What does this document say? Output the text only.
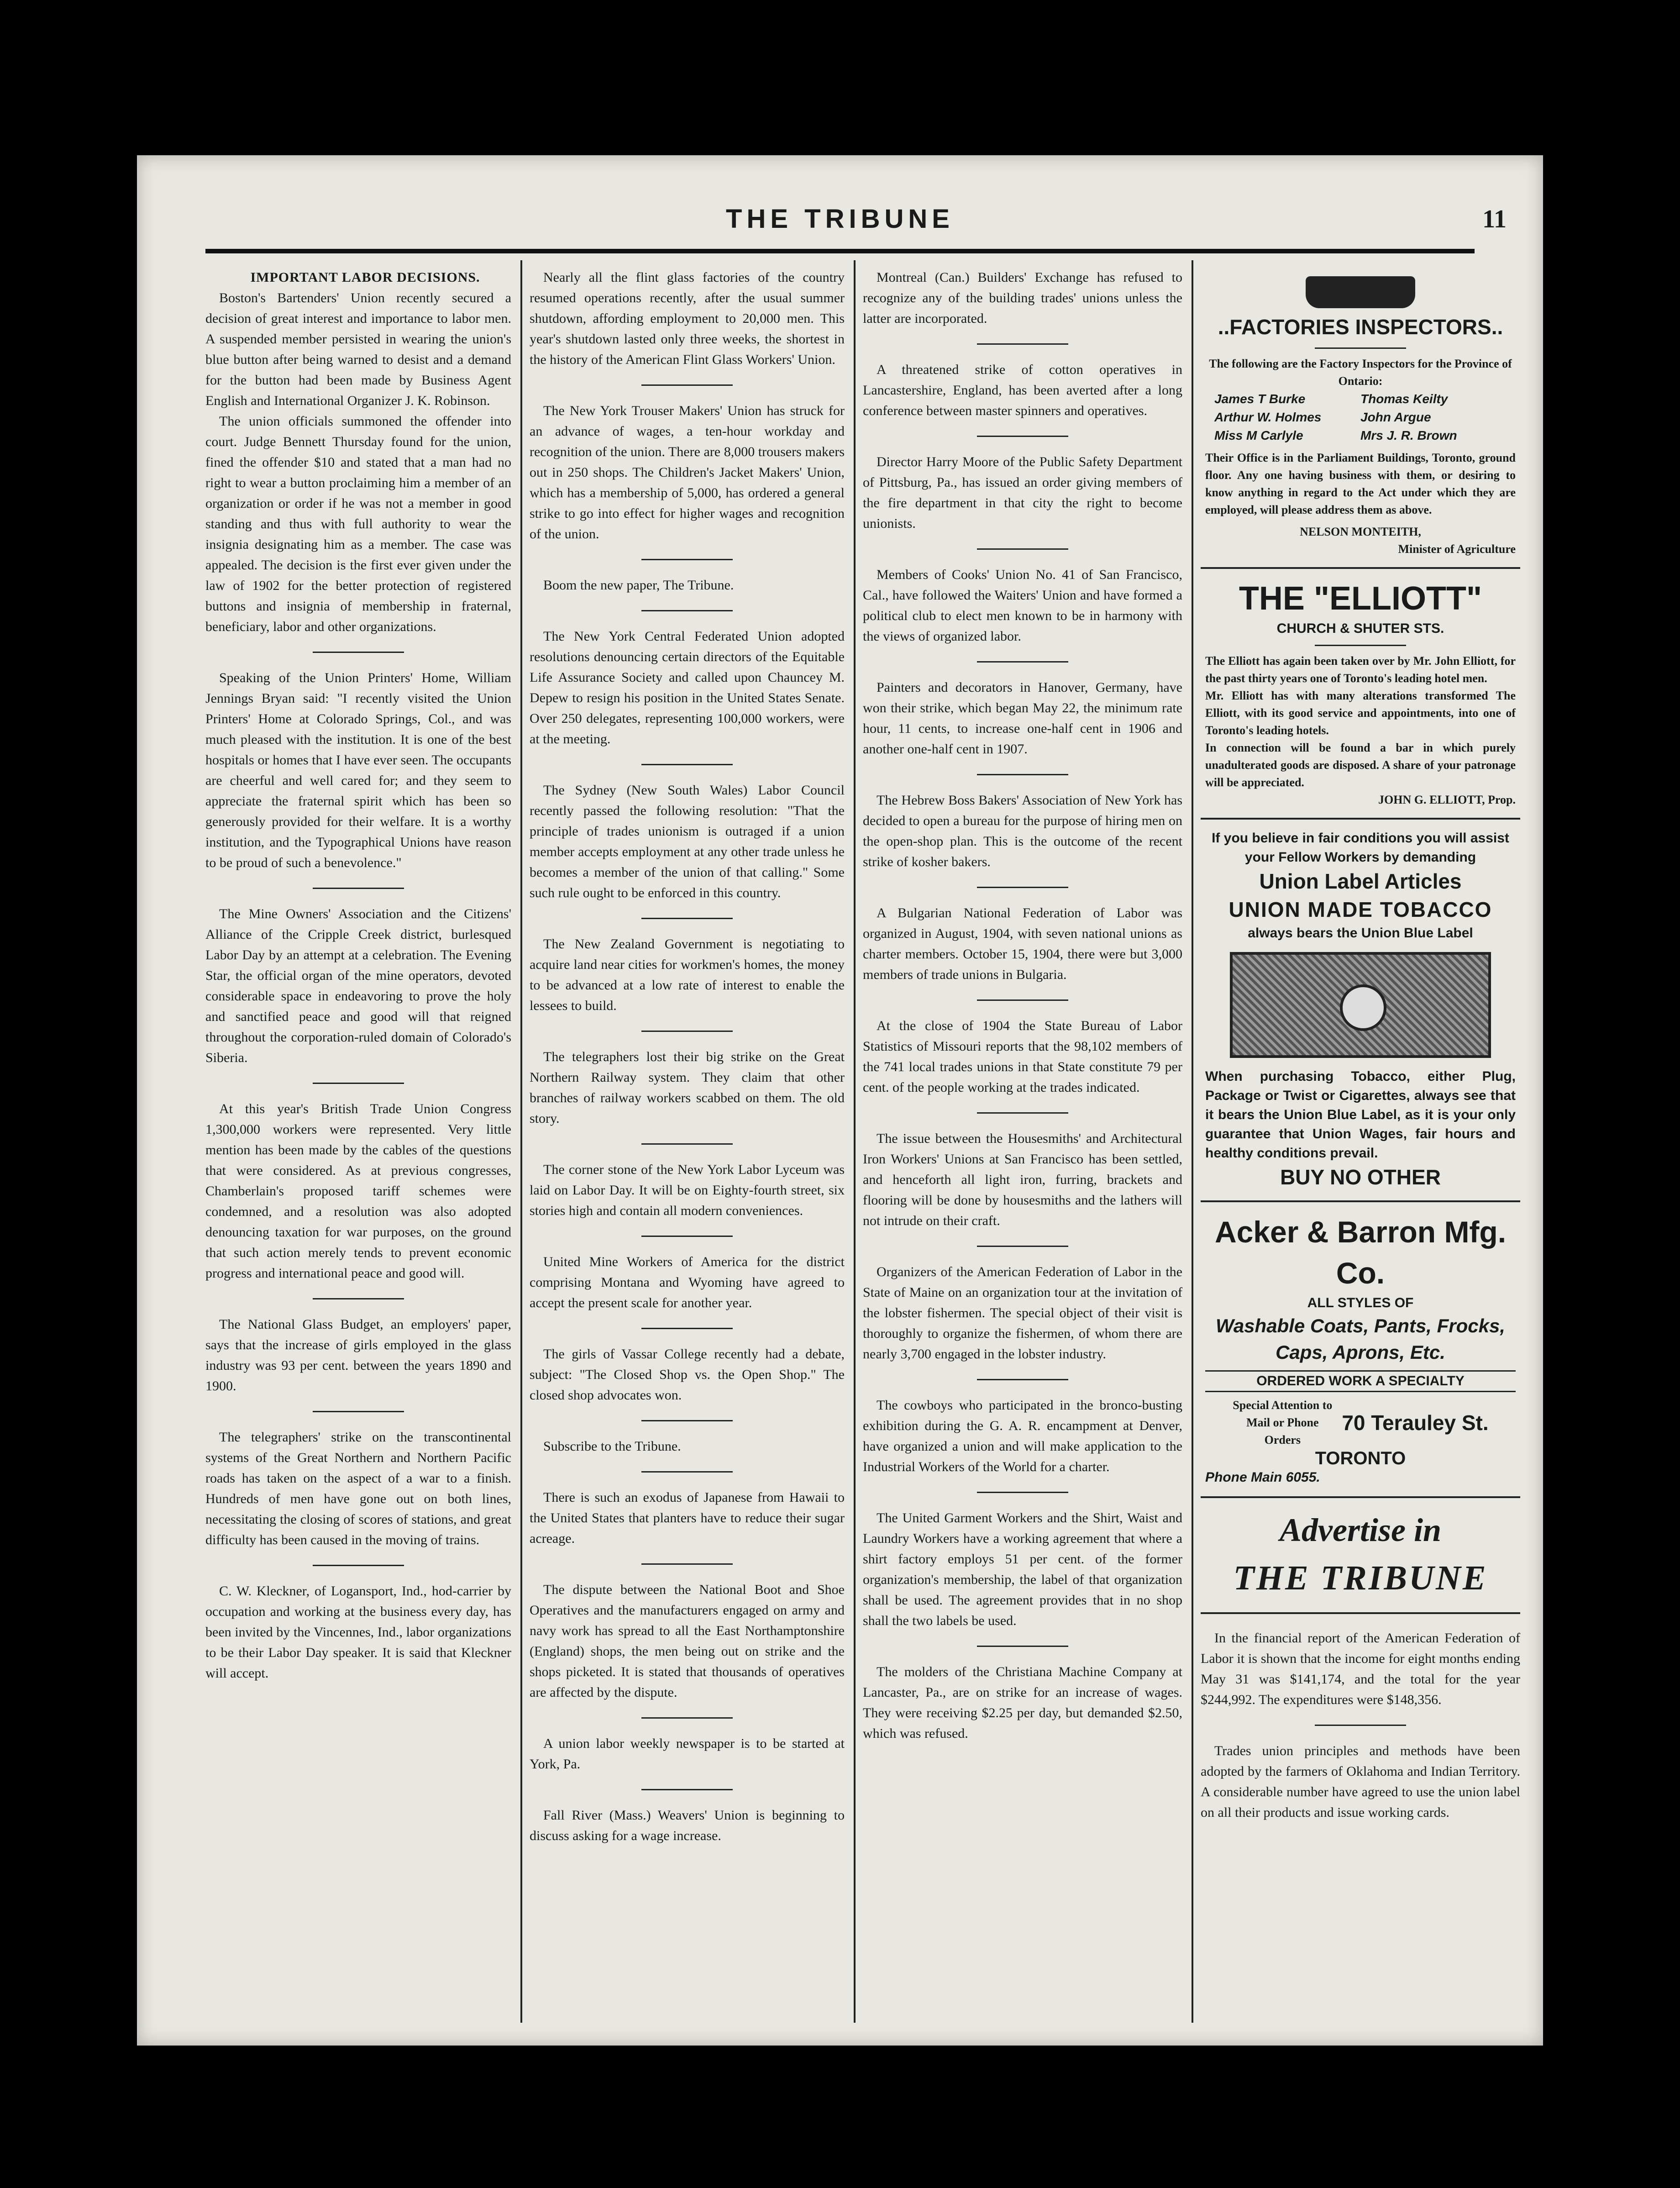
THE TRIBUNE	11

IMPORTANT LABOR DECISIONS.

Boston's Bartenders' Union recently secured a decision of great interest and importance to labor men. A suspended member persisted in wearing the union's blue button after being warned to desist and a demand for the button had been made by Business Agent English and International Organizer J. K. Robinson.

The union officials summoned the offender into court. Judge Bennett Thursday found for the union, fined the offender $10 and stated that a man had no right to wear a button proclaiming him a member of an organization or order if he was not a member in good standing and thus with full authority to wear the insignia designating him as a member. The case was appealed. The decision is the first ever given under the law of 1902 for the better protection of registered buttons and insignia of membership in fraternal, beneficiary, labor and other organizations.

Speaking of the Union Printers' Home, William Jennings Bryan said: "I recently visited the Union Printers' Home at Colorado Springs, Col., and was much pleased with the institution. It is one of the best hospitals or homes that I have ever seen. The occupants are cheerful and well cared for; and they seem to appreciate the fraternal spirit which has been so generously provided for their welfare. It is a worthy institution, and the Typographical Unions have reason to be proud of such a benevolence."

The Mine Owners' Association and the Citizens' Alliance of the Cripple Creek district, burlesqued Labor Day by an attempt at a celebration. The Evening Star, the official organ of the mine operators, devoted considerable space in endeavoring to prove the holy and sanctified peace and good will that reigned throughout the corporation-ruled domain of Colorado's Siberia.

At this year's British Trade Union Congress 1,300,000 workers were represented. Very little mention has been made by the cables of the questions that were considered. As at previous congresses, Chamberlain's proposed tariff schemes were condemned, and a resolution was also adopted denouncing taxation for war purposes, on the ground that such action merely tends to prevent economic progress and international peace and good will.

The National Glass Budget, an employers' paper, says that the increase of girls employed in the glass industry was 93 per cent. between the years 1890 and 1900.

The telegraphers' strike on the transcontinental systems of the Great Northern and Northern Pacific roads has taken on the aspect of a war to a finish. Hundreds of men have gone out on both lines, necessitating the closing of scores of stations, and great difficulty has been caused in the moving of trains.

C. W. Kleckner, of Logansport, Ind., hod-carrier by occupation and working at the business every day, has been invited by the Vincennes, Ind., labor organizations to be their Labor Day speaker. It is said that Kleckner will accept.

Nearly all the flint glass factories of the country resumed operations recently, after the usual summer shutdown, affording employment to 20,000 men. This year's shutdown lasted only three weeks, the shortest in the history of the American Flint Glass Workers' Union.

The New York Trouser Makers' Union has struck for an advance of wages, a ten-hour workday and recognition of the union. There are 8,000 trousers makers out in 250 shops. The Children's Jacket Makers' Union, which has a membership of 5,000, has ordered a general strike to go into effect for higher wages and recognition of the union.

Boom the new paper, The Tribune.

The New York Central Federated Union adopted resolutions denouncing certain directors of the Equitable Life Assurance Society and called upon Chauncey M. Depew to resign his position in the United States Senate. Over 250 delegates, representing 100,000 workers, were at the meeting.

The Sydney (New South Wales) Labor Council recently passed the following resolution: "That the principle of trades unionism is outraged if a union member accepts employment at any other trade unless he becomes a member of the union of that calling." Some such rule ought to be enforced in this country.

The New Zealand Government is negotiating to acquire land near cities for workmen's homes, the money to be advanced at a low rate of interest to enable the lessees to build.

The telegraphers lost their big strike on the Great Northern Railway system. They claim that other branches of railway workers scabbed on them. The old story.

The corner stone of the New York Labor Lyceum was laid on Labor Day. It will be on Eighty-fourth street, six stories high and contain all modern conveniences.

United Mine Workers of America for the district comprising Montana and Wyoming have agreed to accept the present scale for another year.

The girls of Vassar College recently had a debate, subject: "The Closed Shop vs. the Open Shop." The closed shop advocates won.

Subscribe to the Tribune.

There is such an exodus of Japanese from Hawaii to the United States that planters have to reduce their sugar acreage.

The dispute between the National Boot and Shoe Operatives and the manufacturers engaged on army and navy work has spread to all the East Northamptonshire (England) shops, the men being out on strike and the shops picketed. It is stated that thousands of operatives are affected by the dispute.

A union labor weekly newspaper is to be started at York, Pa.

Fall River (Mass.) Weavers' Union is beginning to discuss asking for a wage increase.

Montreal (Can.) Builders' Exchange has refused to recognize any of the building trades' unions unless the latter are incorporated.

A threatened strike of cotton operatives in Lancastershire, England, has been averted after a long conference between master spinners and operatives.

Director Harry Moore of the Public Safety Department of Pittsburg, Pa., has issued an order giving members of the fire department in that city the right to become unionists.

Members of Cooks' Union No. 41 of San Francisco, Cal., have followed the Waiters' Union and have formed a political club to elect men known to be in harmony with the views of organized labor.

Painters and decorators in Hanover, Germany, have won their strike, which began May 22, the minimum rate hour, 11 cents, to increase one-half cent in 1906 and another one-half cent in 1907.

The Hebrew Boss Bakers' Association of New York has decided to open a bureau for the purpose of hiring men on the open-shop plan. This is the outcome of the recent strike of kosher bakers.

A Bulgarian National Federation of Labor was organized in August, 1904, with seven national unions as charter members. October 15, 1904, there were but 3,000 members of trade unions in Bulgaria.

At the close of 1904 the State Bureau of Labor Statistics of Missouri reports that the 98,102 members of the 741 local trades unions in that State constitute 79 per cent. of the people working at the trades indicated.

The issue between the Housesmiths' and Architectural Iron Workers' Unions at San Francisco has been settled, and henceforth all light iron, furring, brackets and flooring will be done by housesmiths and the lathers will not intrude on their craft.

Organizers of the American Federation of Labor in the State of Maine on an organization tour at the invitation of the lobster fishermen. The special object of their visit is thoroughly to organize the fishermen, of whom there are nearly 3,700 engaged in the lobster industry.

The cowboys who participated in the bronco-busting exhibition during the G. A. R. encampment at Denver, have organized a union and will make application to the Industrial Workers of the World for a charter.

The United Garment Workers and the Shirt, Waist and Laundry Workers have a working agreement that where a shirt factory employs 51 per cent. of the former organization's membership, the label of that organization shall be used. The agreement provides that in no shop shall the two labels be used.

The molders of the Christiana Machine Company at Lancaster, Pa., are on strike for an increase of wages. They were receiving $2.25 per day, but demanded $2.50, which was refused.

..FACTORIES INSPECTORS..
The following are the Factory Inspectors for the Province of Ontario:
James T Burke	Thomas Keilty
Arthur W. Holmes	John Argue
Miss M Carlyle	Mrs J. R. Brown
Their Office is in the Parliament Buildings, Toronto, ground floor. Any one having business with them, or desiring to know anything in regard to the Act under which they are employed, will please address them as above.
NELSON MONTEITH,
Minister of Agriculture
THE "ELLIOTT"
CHURCH & SHUTER STS.
The Elliott has again been taken over by Mr. John Elliott, for the past thirty years one of Toronto's leading hotel men.
Mr. Elliott has with many alterations transformed The Elliott, with its good service and appointments, into one of Toronto's leading hotels.
In connection will be found a bar in which purely unadulterated goods are disposed. A share of your patronage will be appreciated.
JOHN G. ELLIOTT, Prop.
If you believe in fair conditions you will assist your Fellow Workers by demanding
Union Label Articles
UNION MADE TOBACCO
always bears the Union Blue Label
When purchasing Tobacco, either Plug, Package or Twist or Cigarettes, always see that it bears the Union Blue Label, as it is your only guarantee that Union Wages, fair hours and healthy conditions prevail.
BUY NO OTHER
Acker & Barron Mfg. Co.
ALL STYLES OF
Washable Coats, Pants, Frocks, Caps, Aprons, Etc.
ORDERED WORK A SPECIALTY
Special Attention to Mail or Phone Orders
70 Terauley St.
TORONTO
Phone Main 6055.
Advertise in
THE TRIBUNE

In the financial report of the American Federation of Labor it is shown that the income for eight months ending May 31 was $141,174, and the total for the year $244,992. The expenditures were $148,356.

Trades union principles and methods have been adopted by the farmers of Oklahoma and Indian Territory. A considerable number have agreed to use the union label on all their products and issue working cards.
